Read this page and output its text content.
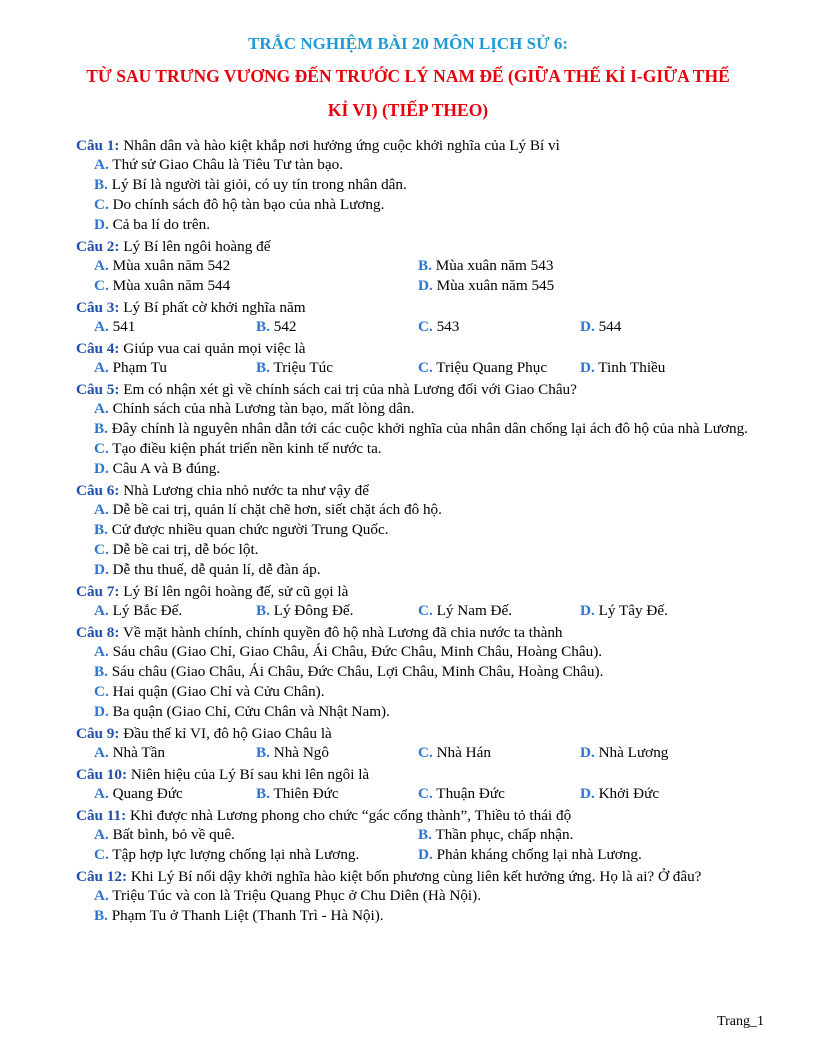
TRẮC NGHIỆM BÀI 20 MÔN LỊCH SỬ 6:
TỪ SAU TRƯNG VƯƠNG ĐẾN TRƯỚC LÝ NAM ĐẾ (GIỮA THẾ KỈ I-GIỮA THẾ
KỈ VI) (TIẾP THEO)
Câu 1: Nhân dân và hào kiệt khắp nơi hưởng ứng cuộc khởi nghĩa của Lý Bí vì
A. Thứ sử Giao Châu là Tiêu Tư tàn bạo.
B. Lý Bí là người tài giỏi, có uy tín trong nhân dân.
C. Do chính sách đô hộ tàn bạo của nhà Lương.
D. Cả ba lí do trên.
Câu 2: Lý Bí lên ngôi hoàng đế
A. Mùa xuân năm 542	B. Mùa xuân năm 543
C. Mùa xuân năm 544	D. Mùa xuân năm 545
Câu 3: Lý Bí phất cờ khởi nghĩa năm
A. 541	B. 542	C. 543	D. 544
Câu 4: Giúp vua cai quản mọi việc là
A. Phạm Tu	B. Triệu Túc	C. Triệu Quang Phục	D. Tinh Thiều
Câu 5: Em có nhận xét gì về chính sách cai trị của nhà Lương đối với Giao Châu?
A. Chính sách của nhà Lương tàn bạo, mất lòng dân.
B. Đây chính là nguyên nhân dẫn tới các cuộc khởi nghĩa của nhân dân chống lại ách đô hộ của nhà Lương.
C. Tạo điều kiện phát triển nền kinh tế nước ta.
D. Câu A và B đúng.
Câu 6: Nhà Lương chia nhỏ nước ta như vậy để
A. Dễ bề cai trị, quản lí chặt chẽ hơn, siết chặt ách đô hộ.
B. Cử được nhiều quan chức người Trung Quốc.
C. Dễ bề cai trị, dễ bóc lột.
D. Dễ thu thuế, dễ quản lí, dễ đàn áp.
Câu 7: Lý Bí lên ngôi hoàng đế, sử cũ gọi là
A. Lý Bắc Đế.	B. Lý Đông Đế.	C. Lý Nam Đế.	D. Lý Tây Đế.
Câu 8: Về mặt hành chính, chính quyền đô hộ nhà Lương đã chia nước ta thành
A. Sáu châu (Giao Chỉ, Giao Châu, Ái Châu, Đức Châu, Minh Châu, Hoàng Châu).
B. Sáu châu (Giao Châu, Ái Châu, Đức Châu, Lợi Châu, Minh Châu, Hoàng Châu).
C. Hai quận (Giao Chỉ và Cửu Chân).
D. Ba quận (Giao Chỉ, Cửu Chân và Nhật Nam).
Câu 9: Đầu thế kỉ VI, đô hộ Giao Châu là
A. Nhà Tần	B. Nhà Ngô	C. Nhà Hán	D. Nhà Lương
Câu 10: Niên hiệu của Lý Bí sau khi lên ngôi là
A. Quang Đức	B. Thiên Đức	C. Thuận Đức	D. Khởi Đức
Câu 11: Khi được nhà Lương phong cho chức “gác cổng thành”, Thiều tỏ thái độ
A. Bất bình, bỏ về quê.	B. Thần phục, chấp nhận.
C. Tập hợp lực lượng chống lại nhà Lương.	D. Phản kháng chống lại nhà Lương.
Câu 12: Khi Lý Bí nổi dậy khởi nghĩa hào kiệt bốn phương cùng liên kết hưởng ứng. Họ là ai? Ở đâu?
A. Triệu Túc và con là Triệu Quang Phục ở Chu Diên (Hà Nội).
B. Phạm Tu ở Thanh Liệt (Thanh Trì - Hà Nội).
Trang_1
